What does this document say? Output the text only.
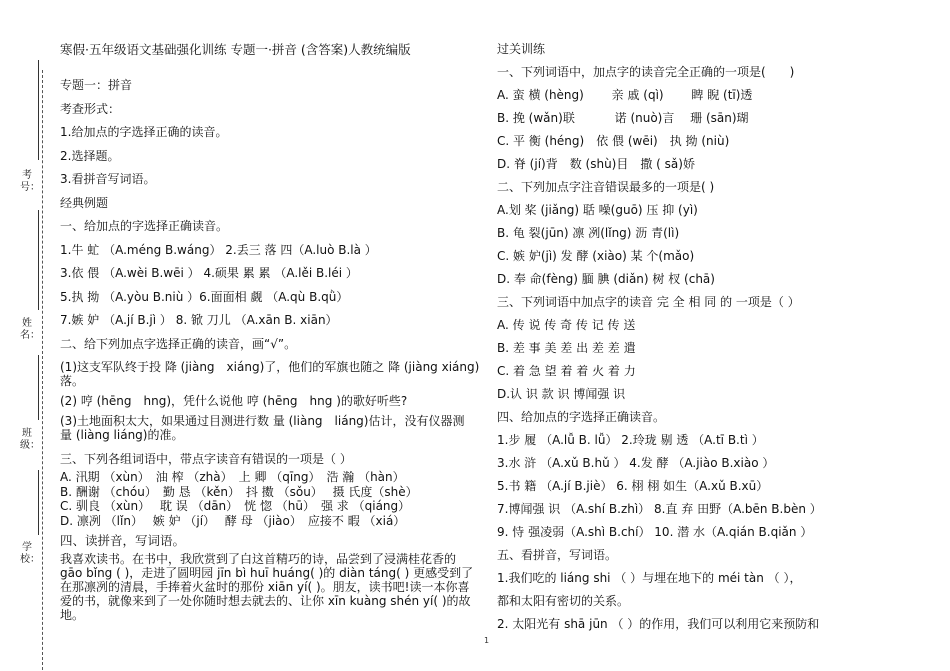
考号：
姓名：
班级：
学校：
寒假·五年级语文基础强化训练 专题一·拼音 (含答案)人教统编版
专题一：拼音
考查形式：
1.给加点的字选择正确的读音。
2.选择题。
3.看拼音写词语。
经典例题
一、给加点的字选择正确读音。
1.牛 虻 （A.méng B.wáng） 2.丢三 落 四（A.luò B.là ）
3.依 偎 （A.wèi B.wēi ） 4.硕果 累 累 （A.lěi B.léi ）
5.执 拗 （A.yòu B.niù ）6.面面相 觑 （A.qù B.qǜ）
7.嫉 妒 （A.jí B.jì ） 8. 锨 刀儿 （A.xān B. xiān）
二、给下列加点字选择正确的读音，画“√”。
(1)这支军队终于投 降 (jiàng　xiáng)了，他们的军旗也随之 降 (jiàng xiáng)落。
(2) 哼 (hēng　hng)，凭什么说他 哼 (hēng　hng )的歌好听些?
(3)土地面积太大，如果通过目测进行数 量 (liàng　liáng)估计，没有仪器测 量 (liàng liáng)的准。
三、下列各组词语中，带点字读音有错误的一项是（ ）
A. 汛期 （xùn）　油 榨 （zhà）　上 卿 （qīng）　浩 瀚 （hàn）
B. 酬谢 （chóu）　勤 恳 （kěn）　抖 擞 （sǒu）　 摄 氏度（shè）
C. 驯良 （xùn）　 耽 误 （dān）　恍 惚 （hū）　强 求 （qiáng）
D. 凛冽 （lǐn）　 嫉 妒 （jí）　 酵 母 （jiào）　应接不 暇 （xiá）
四、读拼音，写词语。
我喜欢读书。在书中，我欣赏到了白这首精巧的诗，品尝到了浸满桂花香的 gāo bǐng ( )，走进了圆明园 jīn bì huī huáng( )的 diàn táng( ) 更感受到了在那凛冽的清晨，手捧着火盆时的那份 xiān yí( )。朋友，读书吧!读一本你喜爱的书，就像来到了一处你随时想去就去的、让你 xīn kuàng shén yí( )的故地。
过关训练
一、下列词语中，加点字的读音完全正确的一项是(　　)
A. 蛮 横 (hèng)　　 亲 戚 (qì)　　 睥 睨 (tī)透
B. 挽 (wǎn)联　　　 诺 (nuò)言　 珊 (sān)瑚
C. 平 衡 (héng)　依 偎 (wēi)　执 拗 (niù)
D. 脊 (jí)背　数 (shù)目　撒 ( sǎ)娇
二、下列加点字注音错误最多的一项是( )
A.划 桨 (jiǎng) 聒 噪(guō) 压 抑 (yì)
B. 龟 裂(jūn) 凛 冽(lǐng) 沥 青(lì)
C. 嫉 妒(jì) 发 酵 (xiào) 某 个(mǎo)
D. 奉 命(fèng) 腼 腆 (diǎn) 树 杈 (chā)
三、下列词语中加点字的读音 完 全 相 同 的 一项是（ ）
A. 传 说 传 奇 传 记 传 送
B. 差 事 美 差 出 差 差 遣
C. 着 急 望 着 着 火 着 力
D.认 识 款 识 博闻强 识
四、给加点的字选择正确读音。
1.步 履 （A.lǚ B. lǚ） 2.玲珑 剔 透 （A.tī B.tì ）
3.水 浒 （A.xǔ B.hǔ ） 4.发 酵 （A.jiào B.xiào ）
5.书 籍 （A.jí B.jiè） 6. 栩 栩 如生（A.xǔ B.xū）
7.博闻强 识 （A.shí B.zhì） 8.直 弃 田野（A.bēn B.bèn ）
9. 恃 强凌弱（A.shì B.chí） 10. 潜 水（A.qián B.qiǎn ）
五、看拼音，写词语。
1.我们吃的 liáng shi （ ）与埋在地下的 méi tàn （ ），
都和太阳有密切的关系。
2. 太阳光有 shā jūn （ ）的作用，我们可以利用它来预防和
1
